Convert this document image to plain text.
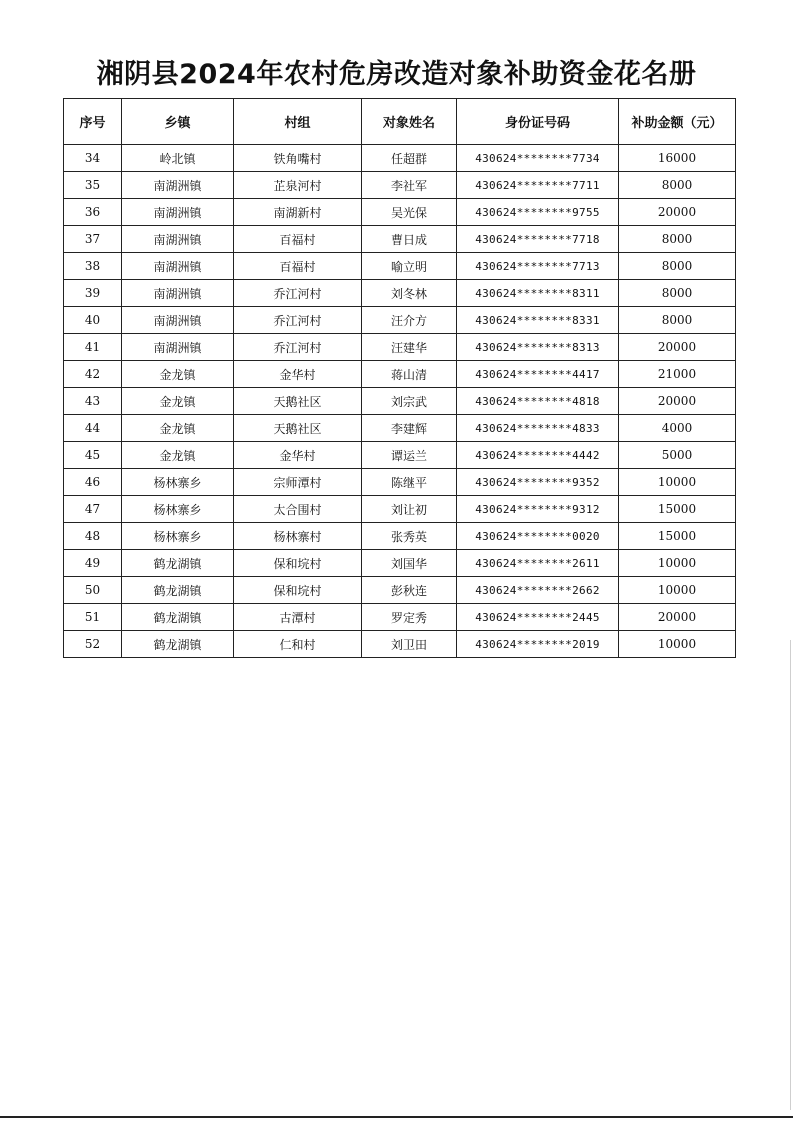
湘阴县2024年农村危房改造对象补助资金花名册
序号	乡镇	村组	对象姓名	身份证号码	补助金额（元）
34	岭北镇	铁角嘴村	任超群	430624********7734	16000
35	南湖洲镇	芷泉河村	李社军	430624********7711	8000
36	南湖洲镇	南湖新村	吴光保	430624********9755	20000
37	南湖洲镇	百福村	曹日成	430624********7718	8000
38	南湖洲镇	百福村	喻立明	430624********7713	8000
39	南湖洲镇	乔江河村	刘冬林	430624********8311	8000
40	南湖洲镇	乔江河村	汪介方	430624********8331	8000
41	南湖洲镇	乔江河村	汪建华	430624********8313	20000
42	金龙镇	金华村	蒋山清	430624********4417	21000
43	金龙镇	天鹅社区	刘宗武	430624********4818	20000
44	金龙镇	天鹅社区	李建辉	430624********4833	4000
45	金龙镇	金华村	谭运兰	430624********4442	5000
46	杨林寨乡	宗师潭村	陈继平	430624********9352	10000
47	杨林寨乡	太合围村	刘让初	430624********9312	15000
48	杨林寨乡	杨林寨村	张秀英	430624********0020	15000
49	鹤龙湖镇	保和垸村	刘国华	430624********2611	10000
50	鹤龙湖镇	保和垸村	彭秋连	430624********2662	10000
51	鹤龙湖镇	古潭村	罗定秀	430624********2445	20000
52	鹤龙湖镇	仁和村	刘卫田	430624********2019	10000
